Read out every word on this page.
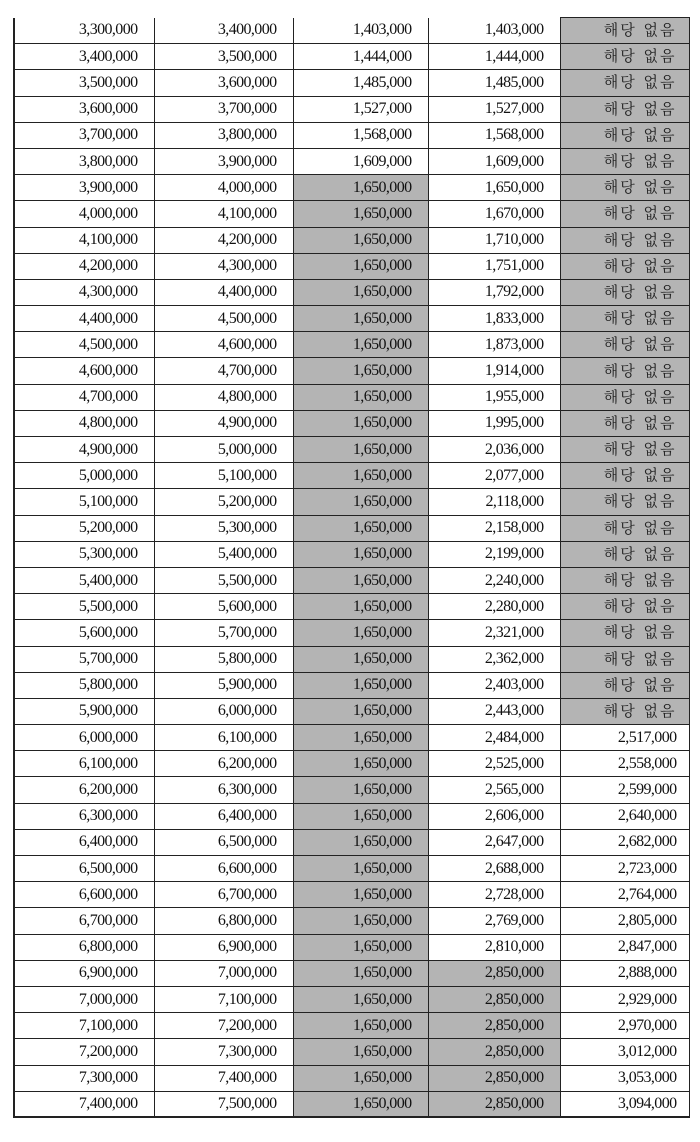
3,300,000	3,400,000	1,403,000	1,403,000	해당 없음
3,400,000	3,500,000	1,444,000	1,444,000	해당 없음
3,500,000	3,600,000	1,485,000	1,485,000	해당 없음
3,600,000	3,700,000	1,527,000	1,527,000	해당 없음
3,700,000	3,800,000	1,568,000	1,568,000	해당 없음
3,800,000	3,900,000	1,609,000	1,609,000	해당 없음
3,900,000	4,000,000	1,650,000	1,650,000	해당 없음
4,000,000	4,100,000	1,650,000	1,670,000	해당 없음
4,100,000	4,200,000	1,650,000	1,710,000	해당 없음
4,200,000	4,300,000	1,650,000	1,751,000	해당 없음
4,300,000	4,400,000	1,650,000	1,792,000	해당 없음
4,400,000	4,500,000	1,650,000	1,833,000	해당 없음
4,500,000	4,600,000	1,650,000	1,873,000	해당 없음
4,600,000	4,700,000	1,650,000	1,914,000	해당 없음
4,700,000	4,800,000	1,650,000	1,955,000	해당 없음
4,800,000	4,900,000	1,650,000	1,995,000	해당 없음
4,900,000	5,000,000	1,650,000	2,036,000	해당 없음
5,000,000	5,100,000	1,650,000	2,077,000	해당 없음
5,100,000	5,200,000	1,650,000	2,118,000	해당 없음
5,200,000	5,300,000	1,650,000	2,158,000	해당 없음
5,300,000	5,400,000	1,650,000	2,199,000	해당 없음
5,400,000	5,500,000	1,650,000	2,240,000	해당 없음
5,500,000	5,600,000	1,650,000	2,280,000	해당 없음
5,600,000	5,700,000	1,650,000	2,321,000	해당 없음
5,700,000	5,800,000	1,650,000	2,362,000	해당 없음
5,800,000	5,900,000	1,650,000	2,403,000	해당 없음
5,900,000	6,000,000	1,650,000	2,443,000	해당 없음
6,000,000	6,100,000	1,650,000	2,484,000	2,517,000
6,100,000	6,200,000	1,650,000	2,525,000	2,558,000
6,200,000	6,300,000	1,650,000	2,565,000	2,599,000
6,300,000	6,400,000	1,650,000	2,606,000	2,640,000
6,400,000	6,500,000	1,650,000	2,647,000	2,682,000
6,500,000	6,600,000	1,650,000	2,688,000	2,723,000
6,600,000	6,700,000	1,650,000	2,728,000	2,764,000
6,700,000	6,800,000	1,650,000	2,769,000	2,805,000
6,800,000	6,900,000	1,650,000	2,810,000	2,847,000
6,900,000	7,000,000	1,650,000	2,850,000	2,888,000
7,000,000	7,100,000	1,650,000	2,850,000	2,929,000
7,100,000	7,200,000	1,650,000	2,850,000	2,970,000
7,200,000	7,300,000	1,650,000	2,850,000	3,012,000
7,300,000	7,400,000	1,650,000	2,850,000	3,053,000
7,400,000	7,500,000	1,650,000	2,850,000	3,094,000
